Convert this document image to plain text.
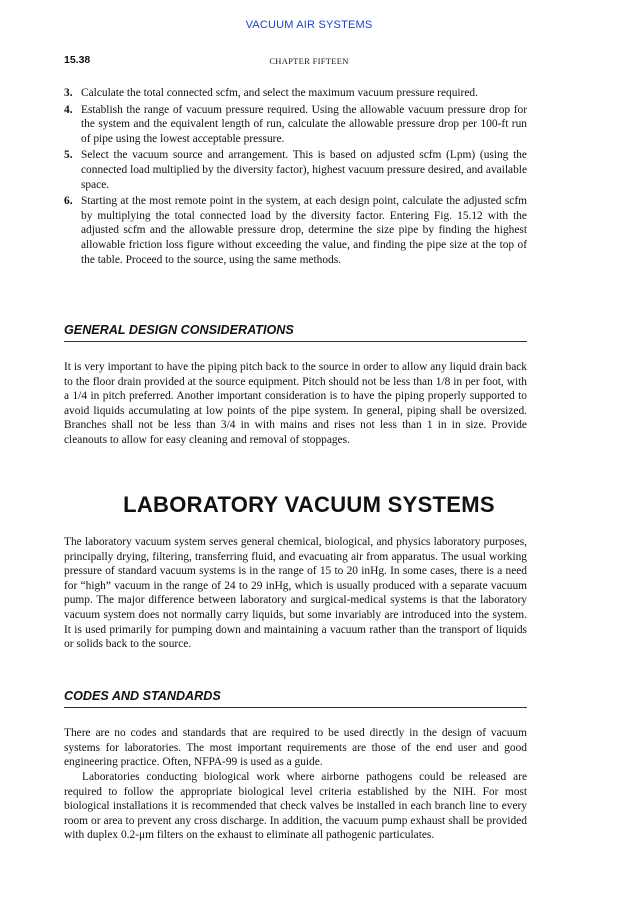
VACUUM AIR SYSTEMS
15.38	CHAPTER FIFTEEN
3. Calculate the total connected scfm, and select the maximum vacuum pressure required.
4. Establish the range of vacuum pressure required. Using the allowable vacuum pressure drop for the system and the equivalent length of run, calculate the allowable pressure drop per 100-ft run of pipe using the lowest acceptable pressure.
5. Select the vacuum source and arrangement. This is based on adjusted scfm (Lpm) (using the connected load multiplied by the diversity factor), highest vacuum pressure desired, and available space.
6. Starting at the most remote point in the system, at each design point, calculate the adjusted scfm by multiplying the total connected load by the diversity factor. Entering Fig. 15.12 with the adjusted scfm and the allowable pressure drop, determine the size pipe by finding the highest allowable friction loss figure without exceeding the value, and finding the pipe size at the top of the table. Proceed to the source, using the same methods.
GENERAL DESIGN CONSIDERATIONS

It is very important to have the piping pitch back to the source in order to allow any liquid drain back to the floor drain provided at the source equipment. Pitch should not be less than 1/8 in per foot, with a 1/4 in pitch preferred. Another important consideration is to have the piping properly supported to avoid liquids accumulating at low points of the pipe system. In general, piping shall be oversized. Branches shall not be less than 3/4 in with mains and rises not less than 1 in in size. Provide cleanouts to allow for easy cleaning and removal of stoppages.

LABORATORY VACUUM SYSTEMS

The laboratory vacuum system serves general chemical, biological, and physics laboratory purposes, principally drying, filtering, transferring fluid, and evacuating air from apparatus. The usual working pressure of standard vacuum systems is in the range of 15 to 20 inHg. In some cases, there is a need for “high” vacuum in the range of 24 to 29 inHg, which is usually produced with a separate vacuum pump. The major difference between laboratory and surgical-medical systems is that the laboratory vacuum system does not normally carry liquids, but some invariably are introduced into the system. It is used primarily for pumping down and maintaining a vacuum rather than the transport of liquids or solids back to the source.

CODES AND STANDARDS

There are no codes and standards that are required to be used directly in the design of vacuum systems for laboratories. The most important requirements are those of the end user and good engineering practice. Often, NFPA-99 is used as a guide.

Laboratories conducting biological work where airborne pathogens could be released are required to follow the appropriate biological level criteria established by the NIH. For most biological installations it is recommended that check valves be installed in each branch line to every room or area to prevent any cross discharge. In addition, the vacuum pump exhaust shall be provided with duplex 0.2-μm filters on the exhaust to eliminate all pathogenic particulates.
